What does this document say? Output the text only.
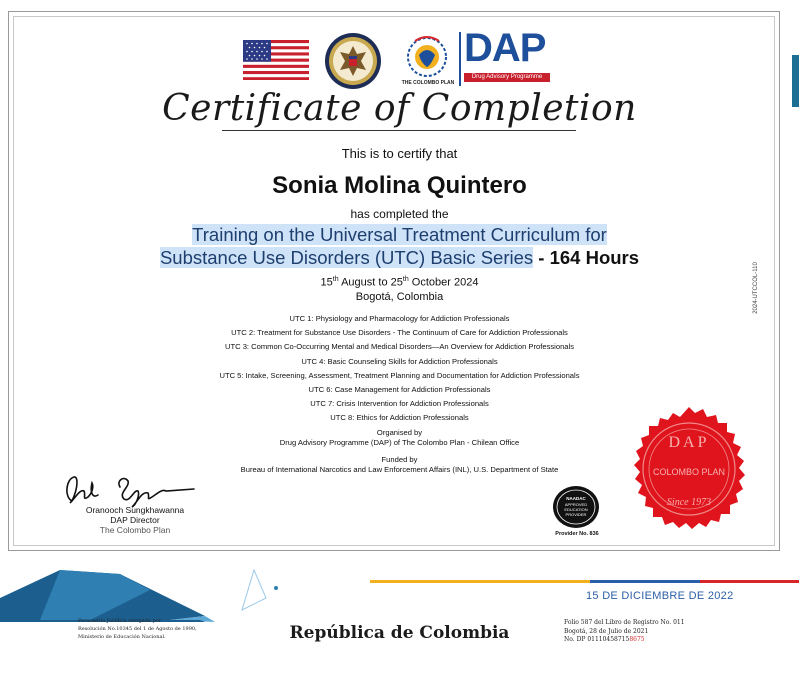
THE COLOMBO PLAN
DAP
Drug Advisory Programme
Certificate of Completion
This is to certify that
Sonia Molina Quintero
has completed the
Training on the Universal Treatment Curriculum for
Substance Use Disorders (UTC) Basic Series - 164 Hours
15th August to 25th October 2024
Bogotá, Colombia
UTC 1: Physiology and Pharmacology for Addiction Professionals
UTC 2: Treatment for Substance Use Disorders - The Continuum of Care for Addiction Professionals
UTC 3: Common Co-Occurring Mental and Medical Disorders—An Overview for Addiction Professionals
UTC 4: Basic Counseling Skills for Addiction Professionals
UTC 5: Intake, Screening, Assessment, Treatment Planning and Documentation for Addiction Professionals
UTC 6: Case Management for Addiction Professionals
UTC 7: Crisis Intervention for Addiction Professionals
UTC 8: Ethics for Addiction Professionals
Organised by
Drug Advisory Programme (DAP) of The Colombo Plan - Chilean Office
Funded by
Bureau of International Narcotics and Law Enforcement Affairs (INL), U.S. Department of State
Oranooch Sungkhawanna
DAP Director
The Colombo Plan
NAADAC
APPROVED
EDUCATION
PROVIDER
Provider No. 836
DAP
COLOMBO PLAN
Since 1973
2024-UTCCOL-110
15 DE DICIEMBRE DE 2022
Personería Jurídica otorgada por
Resolución No.10345 del 1 de Agosto de 1990,
Ministerio de Educación Nacional.	República de Colombia
Folio 587 del Libro de Registro No. 011
Bogotá, 28 de Julio de 2021
No. DP 011104587158675
